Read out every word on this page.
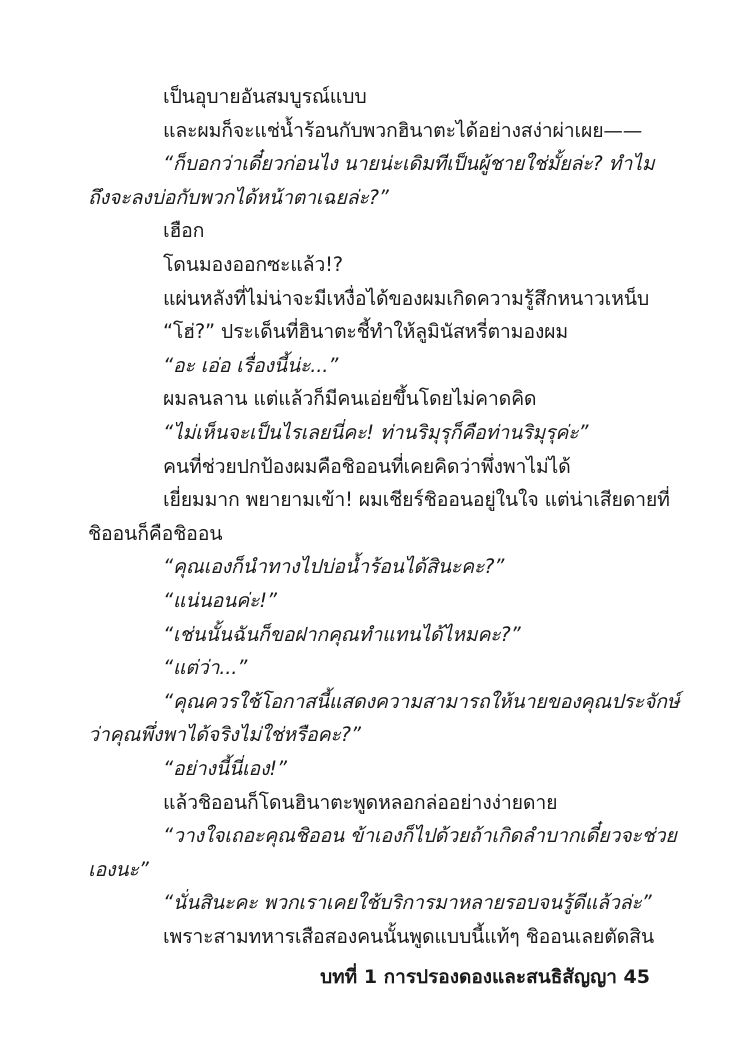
เป็นอุบายอันสมบูรณ์แบบ
และผมก็จะแช่น้ำร้อนกับพวกฮินาตะได้อย่างสง่าผ่าเผย——
“ก็บอกว่าเดี๋ยวก่อนไง นายน่ะเดิมทีเป็นผู้ชายใช่มั้ยล่ะ? ทำไม
ถึงจะลงบ่อกับพวกได้หน้าตาเฉยล่ะ?”
เฮือก
โดนมองออกซะแล้ว!?
แผ่นหลังที่ไม่น่าจะมีเหงื่อได้ของผมเกิดความรู้สึกหนาวเหน็บ
“โฮ่?” ประเด็นที่ฮินาตะชี้ทำให้ลูมินัสหรี่ตามองผม
“อะ เอ่อ เรื่องนี้น่ะ...”
ผมลนลาน แต่แล้วก็มีคนเอ่ยขึ้นโดยไม่คาดคิด
“ไม่เห็นจะเป็นไรเลยนี่คะ! ท่านริมุรุก็คือท่านริมุรุค่ะ”
คนที่ช่วยปกป้องผมคือชิออนที่เคยคิดว่าพึ่งพาไม่ได้
เยี่ยมมาก พยายามเข้า! ผมเชียร์ชิออนอยู่ในใจ แต่น่าเสียดายที่
ชิออนก็คือชิออน
“คุณเองก็นำทางไปบ่อน้ำร้อนได้สินะคะ?”
“แน่นอนค่ะ!”
“เช่นนั้นฉันก็ขอฝากคุณทำแทนได้ไหมคะ?”
“แต่ว่า...”
“คุณควรใช้โอกาสนี้แสดงความสามารถให้นายของคุณประจักษ์
ว่าคุณพึ่งพาได้จริงไม่ใช่หรือคะ?”
“อย่างนี้นี่เอง!”
แล้วชิออนก็โดนฮินาตะพูดหลอกล่ออย่างง่ายดาย
“วางใจเถอะคุณชิออน ข้าเองก็ไปด้วยถ้าเกิดลำบากเดี๋ยวจะช่วย
เองนะ”
“นั่นสินะคะ พวกเราเคยใช้บริการมาหลายรอบจนรู้ดีแล้วล่ะ”
เพราะสามทหารเสือสองคนนั้นพูดแบบนี้แท้ๆ ชิออนเลยตัดสิน
บทที่ 1 การปรองดองและสนธิสัญญา 45
